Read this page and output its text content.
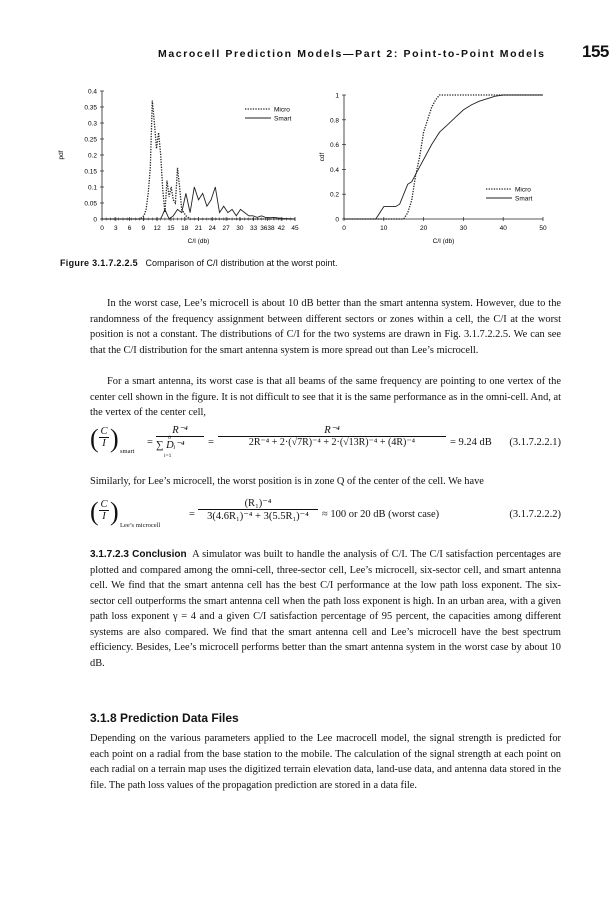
Macrocell Prediction Models—Part 2: Point-to-Point Models 155
0
0.05
0.1
0.15
0.2
0.25
0.3
0.35
0.4
0 3 6 9 12 15 18 21 24 27 30 33 3638 42 45
C/I (db)
pdf
Micro
Smart
0
0.2
0.4
0.6
0.8
1
0	10	20	30	40	50
C/I (db)
cdf
Micro
Smart
Figure 3.1.7.2.2.5 Comparison of C/I distribution at the worst point.
In the worst case, Lee’s microcell is about 10 dB better than the smart antenna system. However, due to the randomness of the frequency assignment between different sectors or zones within a cell, the C/I at the worst position is not a constant. The distributions of C/I for the two systems are drawn in Fig. 3.1.7.2.2.5. We can see that the C/I distribution for the smart antenna system is more spread out than Lee’s microcell.
For a smart antenna, its worst case is that all beams of the same frequency are pointing to one vertex of the center cell shown in the figure. It is not difficult to see that it is the same performance as in the omni-cell. And, at the vertex of the center cell,
( $\frac{C}{I}$ ) smart
=
R⁻⁴
6
∑ Dᵢ⁻⁴
i=1
= $\frac{\text{R⁻⁴}}{\text{2R⁻⁴ + 2·(√7R)⁻⁴ + 2·(√13R)⁻⁴ + (4R)⁻⁴}} = 9.24$ dB (3.1.7.2.2.1)
Similarly, for Lee’s microcell, the worst position is in zone Q of the center of the cell. We have
( $\frac{C}{I}$ ) Lee’s microcell
= $\frac{\text{(R₁)⁻⁴}}{\text{3(4.6R₁)⁻⁴ + 3(5.5R₁)⁻⁴}} \approx 100$ or 20 dB (worst case)	(3.1.7.2.2.2)
3.1.7.2.3 Conclusion A simulator was built to handle the analysis of C/I. The C/I satisfaction percentages are plotted and compared among the omni-cell, three-sector cell, Lee’s microcell, six-sector cell, and smart antenna cell. We find that the smart antenna cell has the best C/I performance at the low path loss exponent. The six-sector cell outperforms the smart antenna cell when the path loss exponent is high. In an urban area, with a given path loss exponent γ = 4 and a given C/I satisfaction percentage of 95 percent, the capacities among different systems are also compared. We find that the smart antenna cell and Lee’s microcell have the best spectrum efficiency. Besides, Lee’s microcell performs better than the smart antenna system in the worst case by about 10 dB.
3.1.8 Prediction Data Files
Depending on the various parameters applied to the Lee macrocell model, the signal strength is predicted for each point on a radial from the base station to the mobile. The calculation of the signal strength at each point on each radial on a terrain map uses the digitized terrain elevation data, land-use data, and antenna data stored in the file. The path loss values of the propagation prediction are stored in a data file.
